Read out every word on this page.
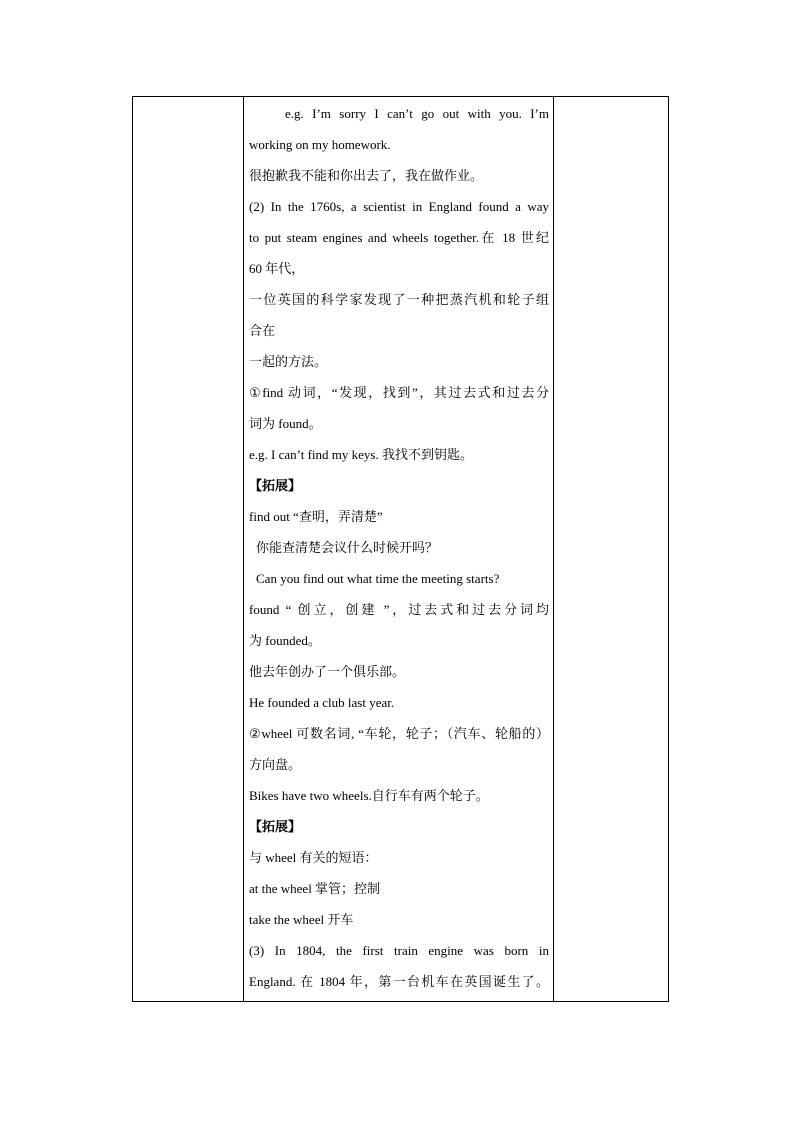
e.g. I’m sorry I can’t go out with you. I’m
working on my homework.
很抱歉我不能和你出去了，我在做作业。
(2) In the 1760s, a scientist in England found a way
to put steam engines and wheels together.在 18 世纪
60 年代，
一位英国的科学家发现了一种把蒸汽机和轮子组
合在
一起的方法。
①find 动词，“发现，找到”，其过去式和过去分
词为 found。
e.g. I can’t find my keys. 我找不到钥匙。
【拓展】
find out “查明，弄清楚”
你能查清楚会议什么时候开吗？
Can you find out what time the meeting starts?
found “ 创立，创建 ”，过去式和过去分词均
为 founded。
他去年创办了一个俱乐部。
He founded a club last year.
②wheel 可数名词, “车轮，轮子；（汽车、轮船的）
方向盘。
Bikes have two wheels.自行车有两个轮子。
【拓展】
与 wheel 有关的短语：
at the wheel 掌管；控制
take the wheel 开车
(3) In 1804, the first train engine was born in
England. 在 1804 年，第一台机车在英国诞生了。
